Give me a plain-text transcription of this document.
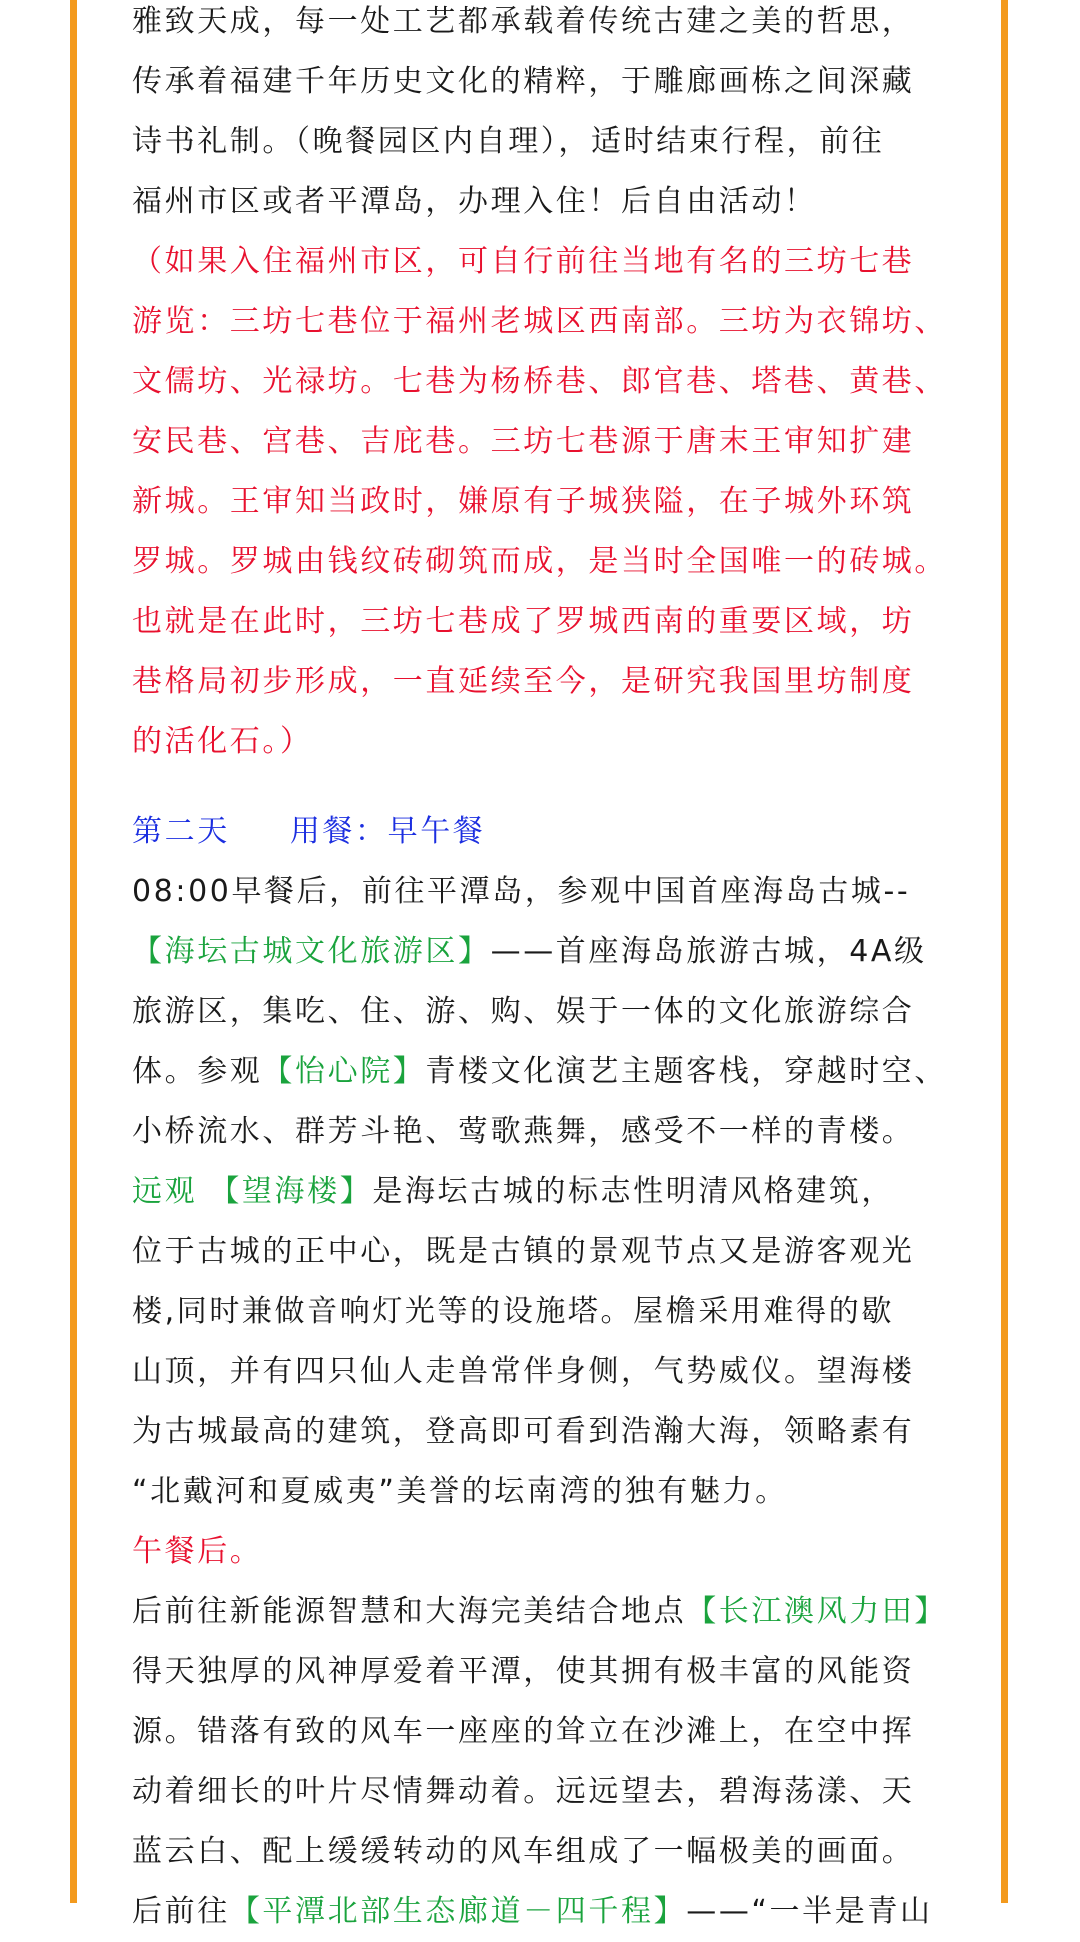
雅致天成，每一处工艺都承载着传统古建之美的哲思，

传承着福建千年历史文化的精粹，于雕廊画栋之间深藏

诗书礼制。（晚餐园区内自理），适时结束行程，前往

福州市区或者平潭岛，办理入住！后自由活动！

（如果入住福州市区，可自行前往当地有名的三坊七巷

游览：三坊七巷位于福州老城区西南部。三坊为衣锦坊、

文儒坊、光禄坊。七巷为杨桥巷、郎官巷、塔巷、黄巷、

安民巷、宫巷、吉庇巷。三坊七巷源于唐末王审知扩建

新城。王审知当政时，嫌原有子城狭隘，在子城外环筑

罗城。罗城由钱纹砖砌筑而成，是当时全国唯一的砖城。

也就是在此时，三坊七巷成了罗城西南的重要区域，坊

巷格局初步形成，一直延续至今，是研究我国里坊制度

的活化石。）

第二天 用餐：早午餐

08:00早餐后，前往平潭岛，参观中国首座海岛古城--

【海坛古城文化旅游区】——首座海岛旅游古城，4A级

旅游区，集吃、住、游、购、娱于一体的文化旅游综合

体。参观【怡心院】青楼文化演艺主题客栈，穿越时空、

小桥流水、群芳斗艳、莺歌燕舞，感受不一样的青楼。

远观 【望海楼】是海坛古城的标志性明清风格建筑，

位于古城的正中心，既是古镇的景观节点又是游客观光

楼,同时兼做音响灯光等的设施塔。屋檐采用难得的歇

山顶，并有四只仙人走兽常伴身侧，气势威仪。望海楼

为古城最高的建筑，登高即可看到浩瀚大海，领略素有

“北戴河和夏威夷”美誉的坛南湾的独有魅力。

午餐后。

后前往新能源智慧和大海完美结合地点【长江澳风力田】

得天独厚的风神厚爱着平潭，使其拥有极丰富的风能资

源。错落有致的风车一座座的耸立在沙滩上，在空中挥

动着细长的叶片尽情舞动着。远远望去，碧海荡漾、天

蓝云白、配上缓缓转动的风车组成了一幅极美的画面。

后前往【平潭北部生态廊道－四千程】——“一半是青山
